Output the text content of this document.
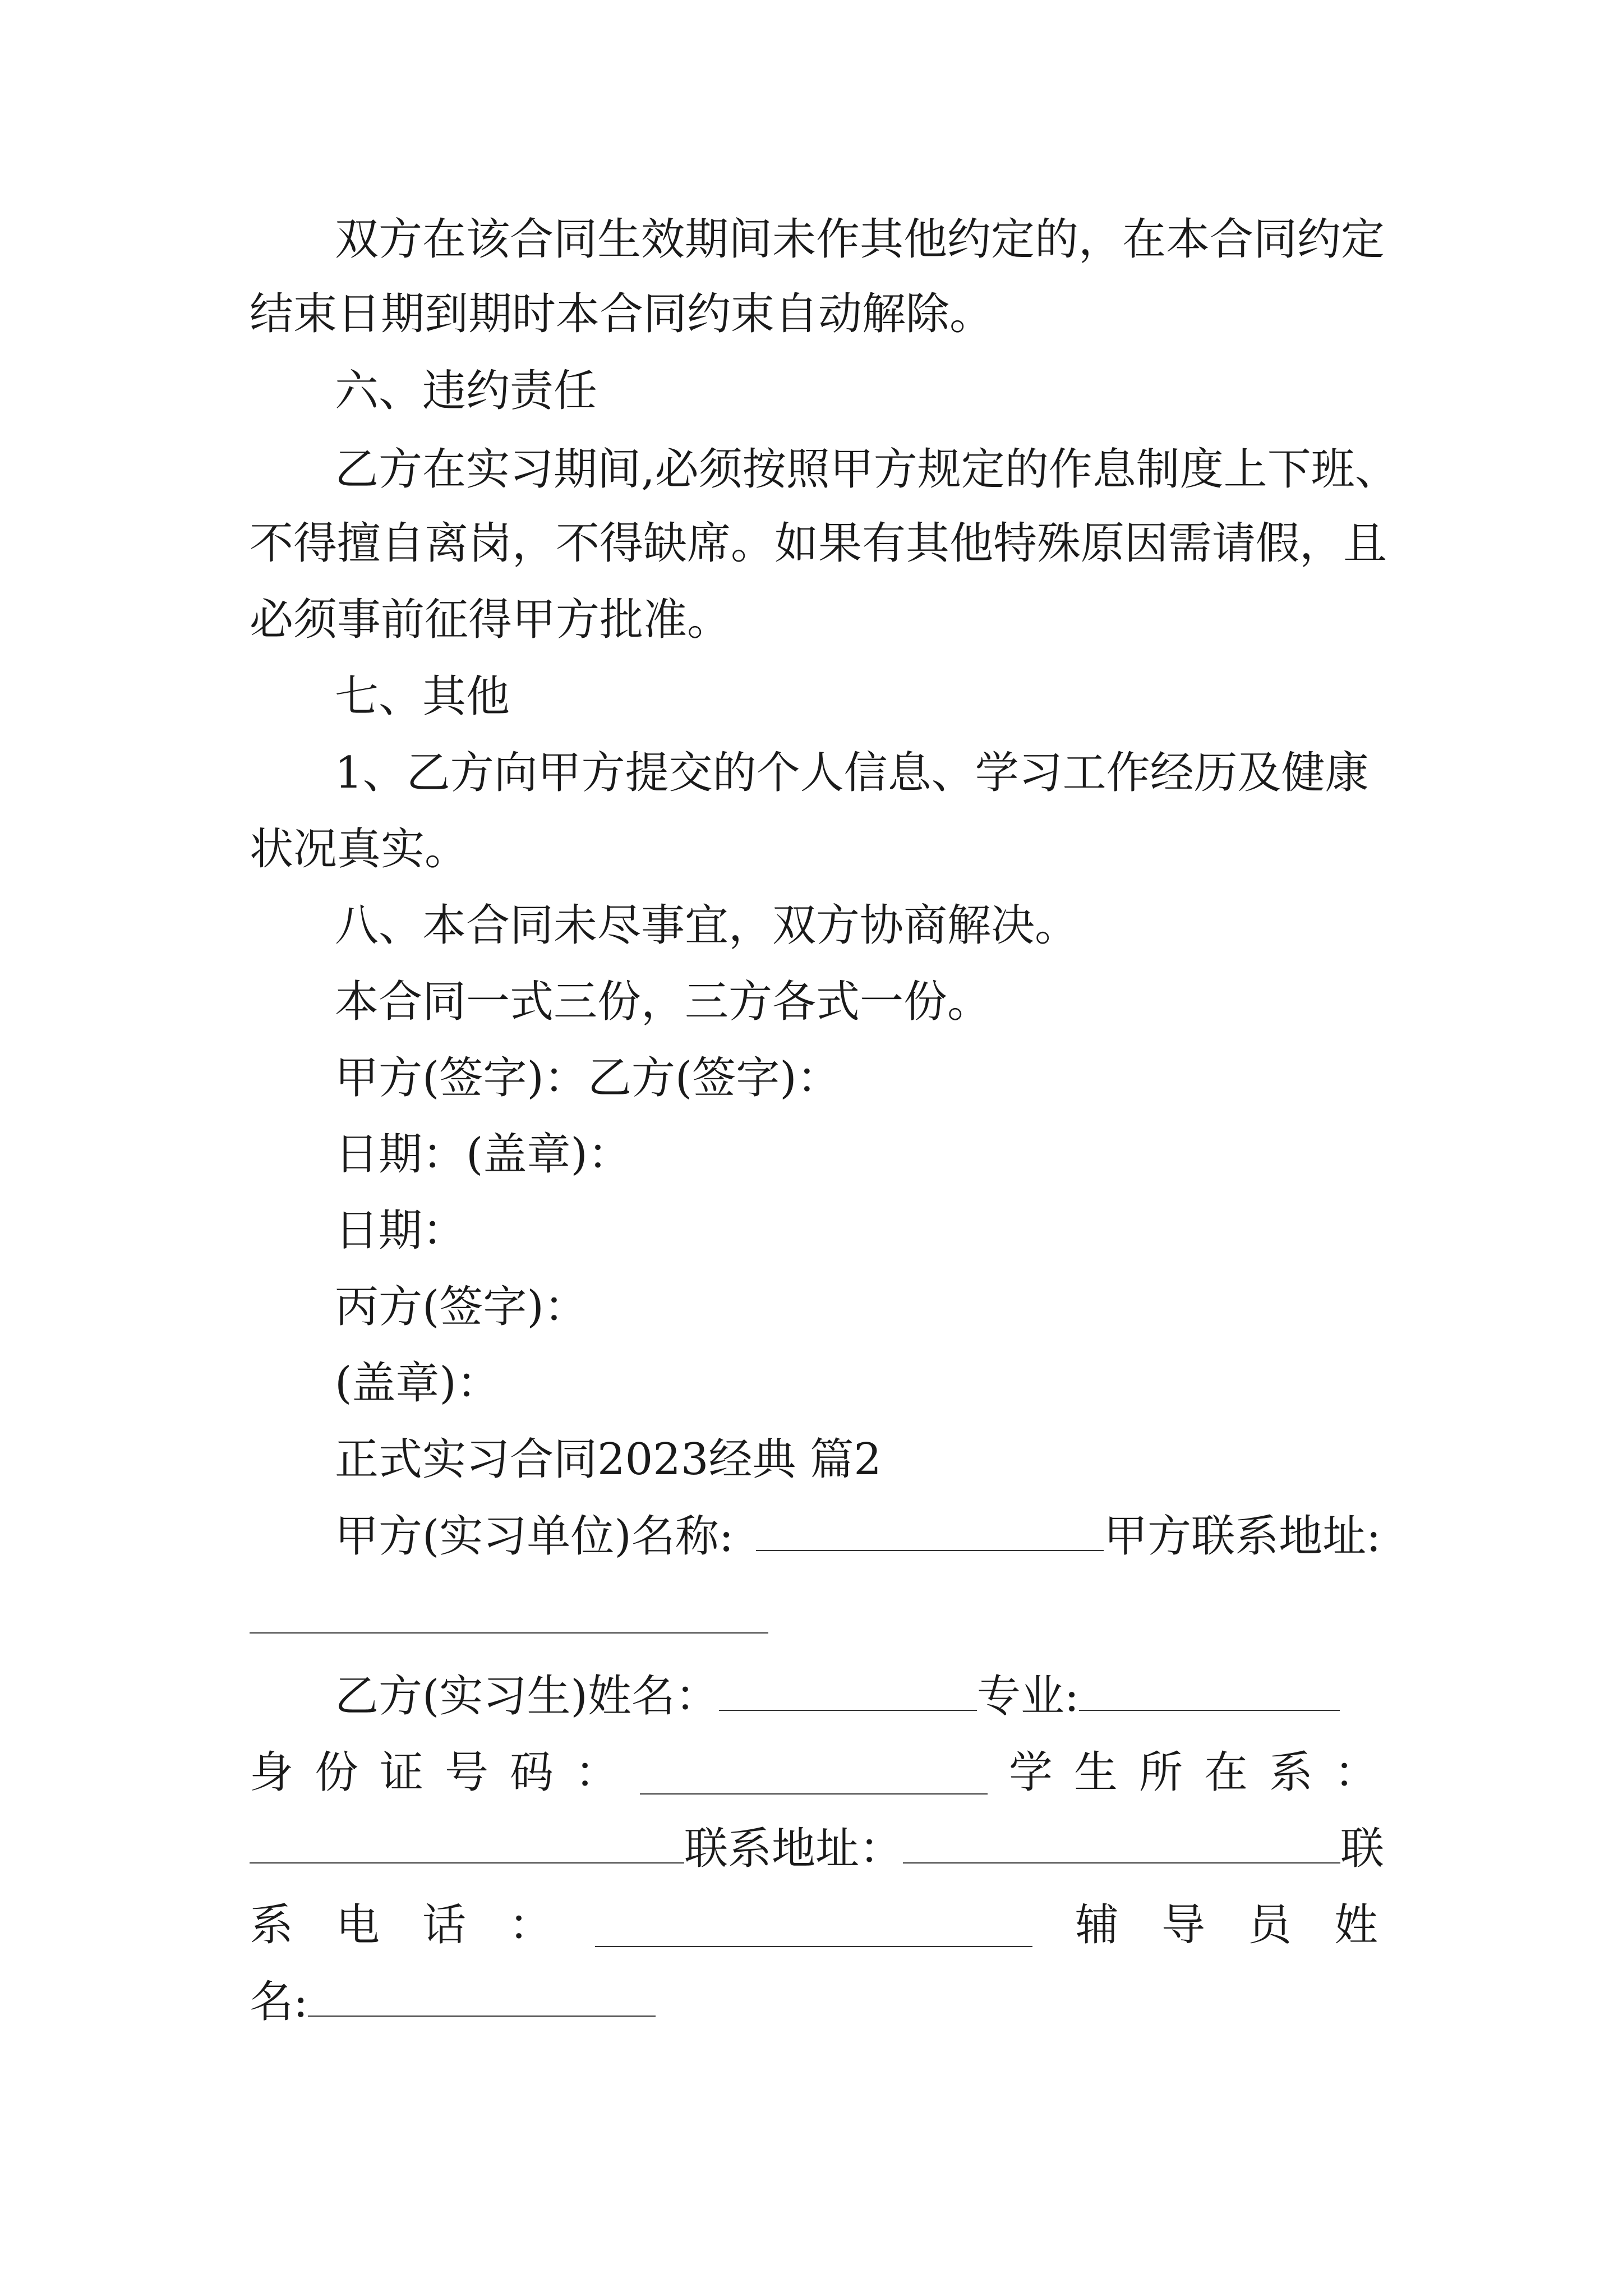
双方在该合同生效期间未作其他约定的，在本合同约定

结束日期到期时本合同约束自动解除。

六、违约责任

乙方在实习期间,必须按照甲方规定的作息制度上下班、

不得擅自离岗，不得缺席。如果有其他特殊原因需请假，且

必须事前征得甲方批准。

七、其他

1、乙方向甲方提交的个人信息、学习工作经历及健康

状况真实。

八、本合同未尽事宜，双方协商解决。

本合同一式三份，三方各式一份。

甲方(签字)：乙方(签字)：

日期：(盖章)：

日期：

丙方(签字)：

(盖章)：

正式实习合同2023经典 篇2

甲方(实习单位)名称:	甲方联系地址:
乙方(实习生)姓名：	专业:
身 份 证 号 码 ：	学 生 所 在 系 ：
联系地址：	联
系 电 话 ：	辅 导 员 姓
名:
